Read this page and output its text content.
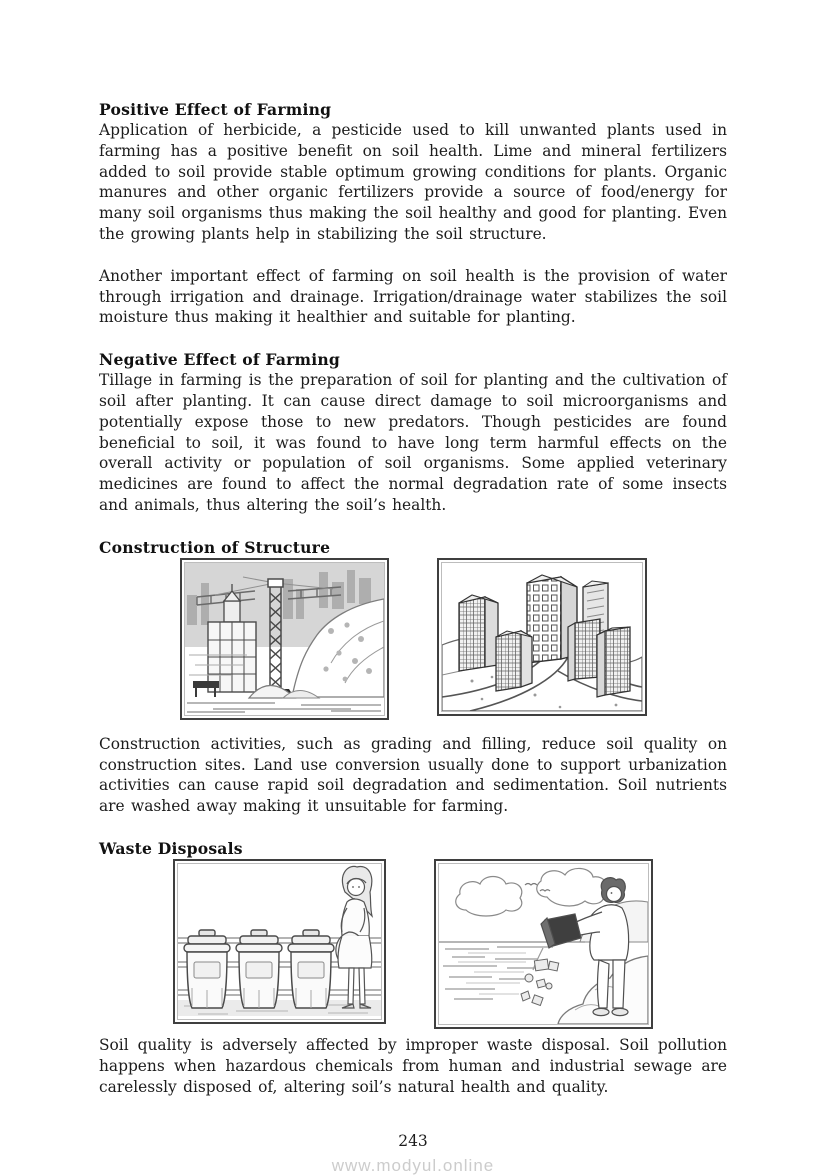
Positive Effect of Farming

Application of herbicide, a pesticide used to kill unwanted plants used in farming has a positive benefit on soil health. Lime and mineral fertilizers added to soil provide stable optimum growing conditions for plants. Organic manures and other organic fertilizers provide a source of food/energy for many soil organisms thus making the soil healthy and good for planting. Even the growing plants help in stabilizing the soil structure.

Another important effect of farming on soil health is the provision of water through irrigation and drainage. Irrigation/drainage water stabilizes the soil moisture thus making it healthier and suitable for planting.

Negative Effect of Farming

Tillage in farming is the preparation of soil for planting and the cultivation of soil after planting. It can cause direct damage to soil microorganisms and potentially expose those to new predators. Though pesticides are found beneficial to soil, it was found to have long term harmful effects on the overall activity or population of soil organisms. Some applied veterinary medicines are found to affect the normal degradation rate of some insects and animals, thus altering the soil’s health.

Construction of Structure

Construction activities, such as grading and filling, reduce soil quality on construction sites. Land use conversion usually done to support urbanization activities can cause rapid soil degradation and sedimentation. Soil nutrients are washed away making it unsuitable for farming.

Waste Disposals

Soil quality is adversely affected by improper waste disposal. Soil pollution happens when hazardous chemicals from human and industrial sewage are carelessly disposed of, altering soil’s natural health and quality.

243
www.modyul.online
